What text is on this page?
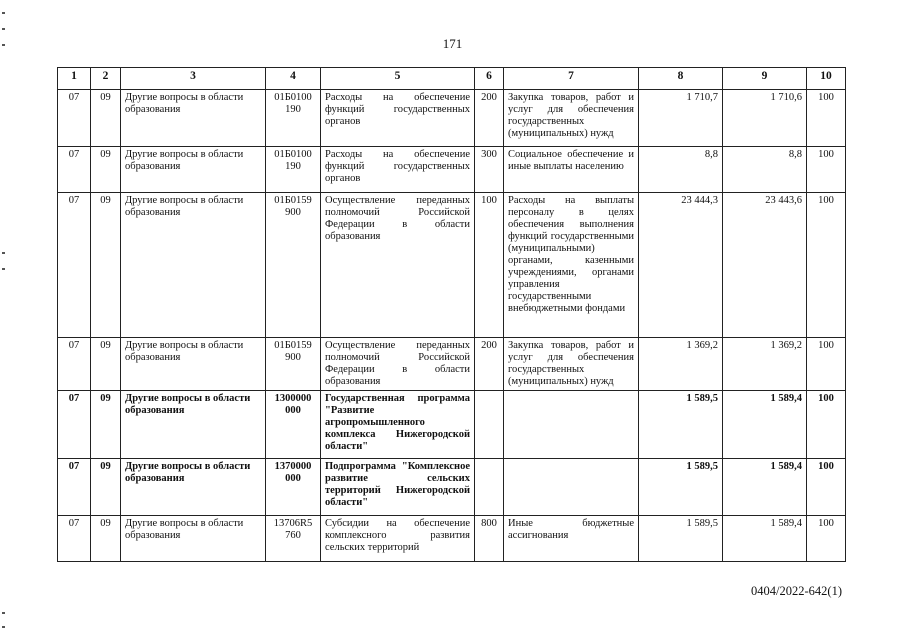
171
1	2	3	4	5	6	7	8	9	10
07	09	Другие вопросы в области образования	01Б0100 190	Расходы на обеспечение функций государственных органов	200	Закупка товаров, работ и услуг для обеспечения государственных (муниципальных) нужд	1 710,7	1 710,6	100
07	09	Другие вопросы в области образования	01Б0100 190	Расходы на обеспечение функций государственных органов	300	Социальное обеспечение и иные выплаты населению	8,8	8,8	100
07	09	Другие вопросы в области образования	01Б0159 900	Осуществление переданных полномочий Российской Федерации в области образования	100	Расходы на выплаты персоналу в целях обеспечения выполнения функций государственными (муниципальными) органами, казенными учреждениями, органами управления государственными внебюджетными фондами	23 444,3	23 443,6	100
07	09	Другие вопросы в области образования	01Б0159 900	Осуществление переданных полномочий Российской Федерации в области образования	200	Закупка товаров, работ и услуг для обеспечения государственных (муниципальных) нужд	1 369,2	1 369,2	100
07	09	Другие вопросы в области образования	1300000 000	Государственная программа "Развитие агропромышленного комплекса Нижегородской области"			1 589,5	1 589,4	100
07	09	Другие вопросы в области образования	1370000 000	Подпрограмма "Комплексное развитие сельских территорий Нижегородской области"			1 589,5	1 589,4	100
07	09	Другие вопросы в области образования	13706R5 760	Субсидии на обеспечение комплексного развития сельских территорий	800	Иные бюджетные ассигнования	1 589,5	1 589,4	100
0404/2022-642(1)
